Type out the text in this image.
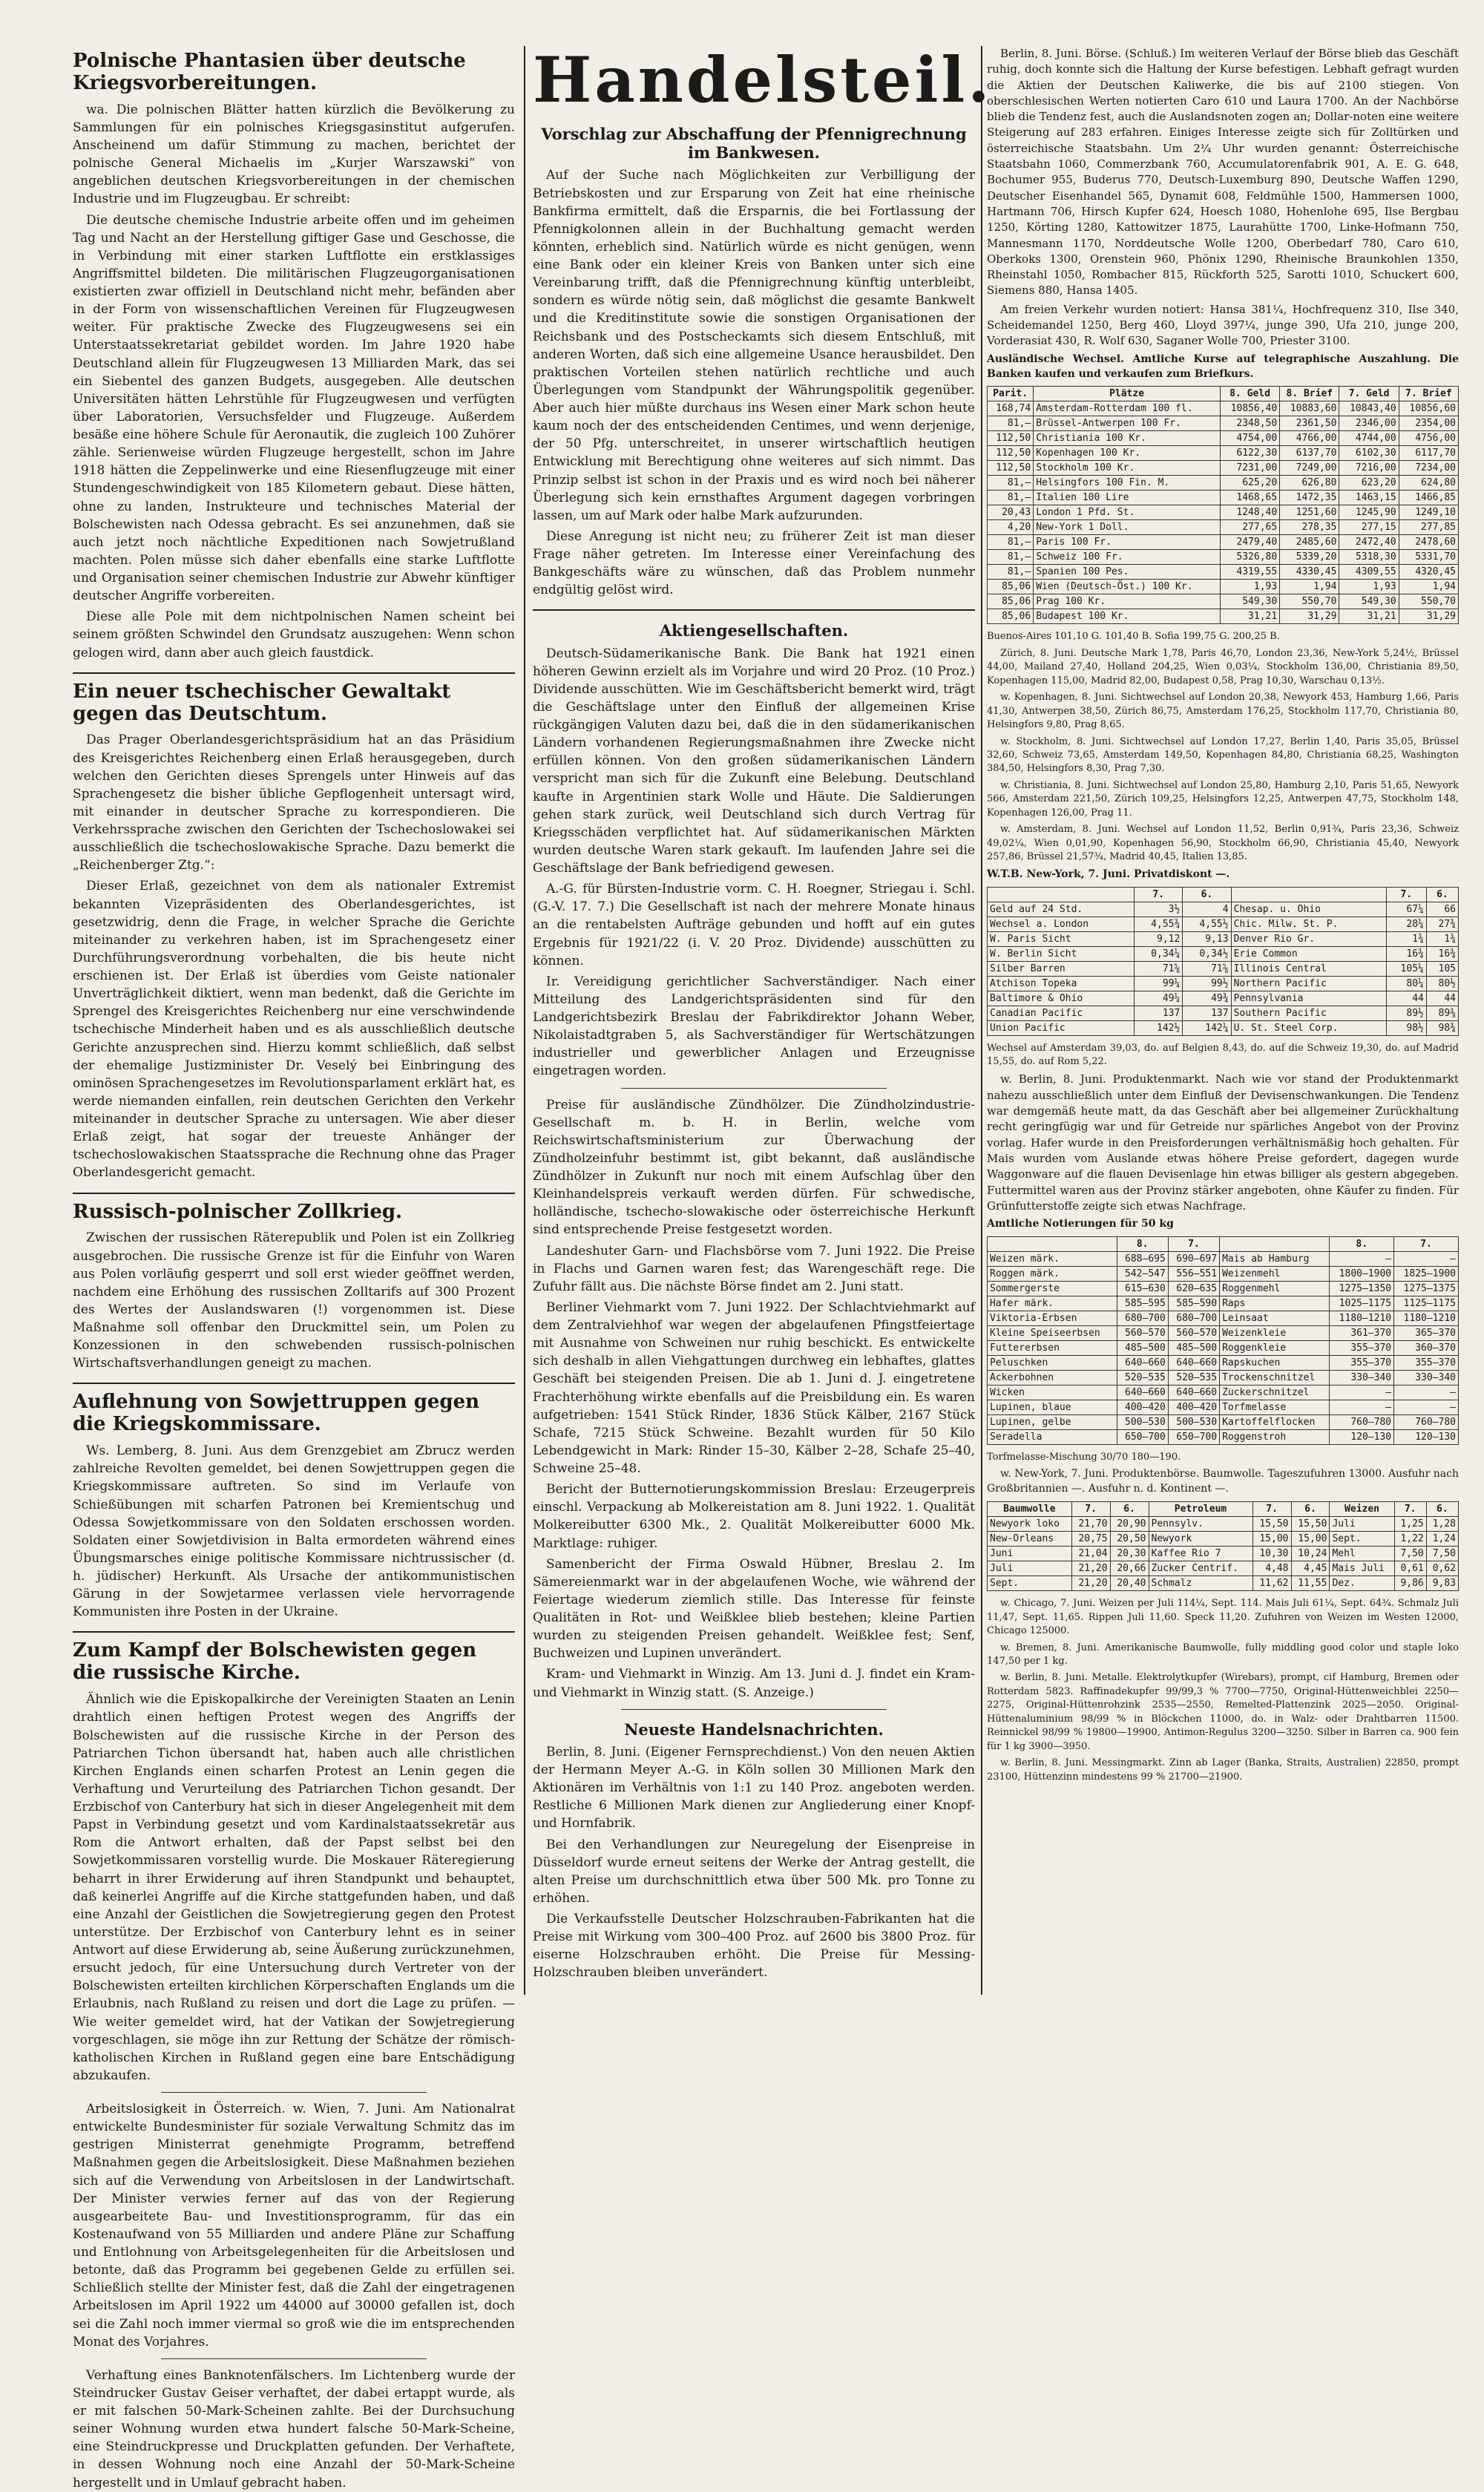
Polnische Phantasien über deutsche Kriegsvorbereitungen.

wa. Die polnischen Blätter hatten kürzlich die Bevölkerung zu Sammlungen für ein polnisches Kriegsgasinstitut aufgerufen. Anscheinend um dafür Stimmung zu machen, berichtet der polnische General Michaelis im „Kurjer Warszawski“ von angeblichen deutschen Kriegsvorbereitungen in der chemischen Industrie und im Flugzeugbau. Er schreibt:

Die deutsche chemische Industrie arbeite offen und im geheimen Tag und Nacht an der Herstellung giftiger Gase und Geschosse, die in Verbindung mit einer starken Luftflotte ein erstklassiges Angriffsmittel bildeten. Die militärischen Flugzeugorganisationen existierten zwar offiziell in Deutschland nicht mehr, befänden aber in der Form von wissenschaftlichen Vereinen für Flugzeugwesen weiter. Für praktische Zwecke des Flugzeugwesens sei ein Unterstaatssekretariat gebildet worden. Im Jahre 1920 habe Deutschland allein für Flugzeugwesen 13 Milliarden Mark, das sei ein Siebentel des ganzen Budgets, ausgegeben. Alle deutschen Universitäten hätten Lehrstühle für Flugzeugwesen und verfügten über Laboratorien, Versuchsfelder und Flugzeuge. Außerdem besäße eine höhere Schule für Aeronautik, die zugleich 100 Zuhörer zähle. Serienweise würden Flugzeuge hergestellt, schon im Jahre 1918 hätten die Zeppelinwerke und eine Riesenflugzeuge mit einer Stundengeschwindigkeit von 185 Kilometern gebaut. Diese hätten, ohne zu landen, Instrukteure und technisches Material der Bolschewisten nach Odessa gebracht. Es sei anzunehmen, daß sie auch jetzt noch nächtliche Expeditionen nach Sowjetrußland machten. Polen müsse sich daher ebenfalls eine starke Luftflotte und Organisation seiner chemischen Industrie zur Abwehr künftiger deutscher Angriffe vorbereiten.

Diese alle Pole mit dem nichtpolnischen Namen scheint bei seinem größten Schwindel den Grundsatz auszugehen: Wenn schon gelogen wird, dann aber auch gleich faustdick.

Ein neuer tschechischer Gewaltakt gegen das Deutschtum.

Das Prager Oberlandesgerichtspräsidium hat an das Präsidium des Kreisgerichtes Reichenberg einen Erlaß herausgegeben, durch welchen den Gerichten dieses Sprengels unter Hinweis auf das Sprachengesetz die bisher übliche Gepflogenheit untersagt wird, mit einander in deutscher Sprache zu korrespondieren. Die Verkehrssprache zwischen den Gerichten der Tschechoslowakei sei ausschließlich die tschechoslowakische Sprache. Dazu bemerkt die „Reichenberger Ztg.“:

Dieser Erlaß, gezeichnet von dem als nationaler Extremist bekannten Vizepräsidenten des Oberlandesgerichtes, ist gesetzwidrig, denn die Frage, in welcher Sprache die Gerichte miteinander zu verkehren haben, ist im Sprachengesetz einer Durchführungsverordnung vorbehalten, die bis heute nicht erschienen ist. Der Erlaß ist überdies vom Geiste nationaler Unverträglichkeit diktiert, wenn man bedenkt, daß die Gerichte im Sprengel des Kreisgerichtes Reichenberg nur eine verschwindende tschechische Minderheit haben und es als ausschließlich deutsche Gerichte anzusprechen sind. Hierzu kommt schließlich, daß selbst der ehemalige Justizminister Dr. Veselý bei Einbringung des ominösen Sprachengesetzes im Revolutionsparlament erklärt hat, es werde niemanden einfallen, rein deutschen Gerichten den Verkehr miteinander in deutscher Sprache zu untersagen. Wie aber dieser Erlaß zeigt, hat sogar der treueste Anhänger der tschechoslowakischen Staatssprache die Rechnung ohne das Prager Oberlandesgericht gemacht.

Russisch-polnischer Zollkrieg.

Zwischen der russischen Räterepublik und Polen ist ein Zollkrieg ausgebrochen. Die russische Grenze ist für die Einfuhr von Waren aus Polen vorläufig gesperrt und soll erst wieder geöffnet werden, nachdem eine Erhöhung des russischen Zolltarifs auf 300 Prozent des Wertes der Auslandswaren (!) vorgenommen ist. Diese Maßnahme soll offenbar den Druckmittel sein, um Polen zu Konzessionen in den schwebenden russisch-polnischen Wirtschaftsverhandlungen geneigt zu machen.

Auflehnung von Sowjettruppen gegen die Kriegskommissare.

Ws. Lemberg, 8. Juni. Aus dem Grenzgebiet am Zbrucz werden zahlreiche Revolten gemeldet, bei denen Sowjettruppen gegen die Kriegskommissare auftreten. So sind im Verlaufe von Schießübungen mit scharfen Patronen bei Kremientschug und Odessa Sowjetkommissare von den Soldaten erschossen worden. Soldaten einer Sowjetdivision in Balta ermordeten während eines Übungsmarsches einige politische Kommissare nichtrussischer (d. h. jüdischer) Herkunft. Als Ursache der antikommunistischen Gärung in der Sowjetarmee verlassen viele hervorragende Kommunisten ihre Posten in der Ukraine.

Zum Kampf der Bolschewisten gegen die russische Kirche.

Ähnlich wie die Episkopalkirche der Vereinigten Staaten an Lenin drahtlich einen heftigen Protest wegen des Angriffs der Bolschewisten auf die russische Kirche in der Person des Patriarchen Tichon übersandt hat, haben auch alle christlichen Kirchen Englands einen scharfen Protest an Lenin gegen die Verhaftung und Verurteilung des Patriarchen Tichon gesandt. Der Erzbischof von Canterbury hat sich in dieser Angelegenheit mit dem Papst in Verbindung gesetzt und vom Kardinalstaatssekretär aus Rom die Antwort erhalten, daß der Papst selbst bei den Sowjetkommissaren vorstellig wurde. Die Moskauer Räteregierung beharrt in ihrer Erwiderung auf ihren Standpunkt und behauptet, daß keinerlei Angriffe auf die Kirche stattgefunden haben, und daß eine Anzahl der Geistlichen die Sowjetregierung gegen den Protest unterstütze. Der Erzbischof von Canterbury lehnt es in seiner Antwort auf diese Erwiderung ab, seine Äußerung zurückzunehmen, ersucht jedoch, für eine Untersuchung durch Vertreter von der Bolschewisten erteilten kirchlichen Körperschaften Englands um die Erlaubnis, nach Rußland zu reisen und dort die Lage zu prüfen. — Wie weiter gemeldet wird, hat der Vatikan der Sowjetregierung vorgeschlagen, sie möge ihn zur Rettung der Schätze der römisch-katholischen Kirchen in Rußland gegen eine bare Entschädigung abzukaufen.

Arbeitslosigkeit in Österreich. w. Wien, 7. Juni. Am Nationalrat entwickelte Bundesminister für soziale Verwaltung Schmitz das im gestrigen Ministerrat genehmigte Programm, betreffend Maßnahmen gegen die Arbeitslosigkeit. Diese Maßnahmen beziehen sich auf die Verwendung von Arbeitslosen in der Landwirtschaft. Der Minister verwies ferner auf das von der Regierung ausgearbeitete Bau- und Investitionsprogramm, für das ein Kostenaufwand von 55 Milliarden und andere Pläne zur Schaffung und Entlohnung von Arbeitsgelegenheiten für die Arbeitslosen und betonte, daß das Programm bei gegebenen Gelde zu erfüllen sei. Schließlich stellte der Minister fest, daß die Zahl der eingetragenen Arbeitslosen im April 1922 um 44000 auf 30000 gefallen ist, doch sei die Zahl noch immer viermal so groß wie die im entsprechenden Monat des Vorjahres.

Verhaftung eines Banknotenfälschers. Im Lichtenberg wurde der Steindrucker Gustav Geiser verhaftet, der dabei ertappt wurde, als er mit falschen 50-Mark-Scheinen zahlte. Bei der Durchsuchung seiner Wohnung wurden etwa hundert falsche 50-Mark-Scheine, eine Steindruckpresse und Druckplatten gefunden. Der Verhaftete, in dessen Wohnung noch eine Anzahl der 50-Mark-Scheine hergestellt und in Umlauf gebracht haben.

Handelsteil.
Vorschlag zur Abschaffung der Pfennigrechnung im Bankwesen.

Auf der Suche nach Möglichkeiten zur Verbilligung der Betriebskosten und zur Ersparung von Zeit hat eine rheinische Bankfirma ermittelt, daß die Ersparnis, die bei Fortlassung der Pfennigkolonnen allein in der Buchhaltung gemacht werden könnten, erheblich sind. Natürlich würde es nicht genügen, wenn eine Bank oder ein kleiner Kreis von Banken unter sich eine Vereinbarung trifft, daß die Pfennigrechnung künftig unterbleibt, sondern es würde nötig sein, daß möglichst die gesamte Bankwelt und die Kreditinstitute sowie die sonstigen Organisationen der Reichsbank und des Postscheckamts sich diesem Entschluß, mit anderen Worten, daß sich eine allgemeine Usance herausbildet. Den praktischen Vorteilen stehen natürlich rechtliche und auch Überlegungen vom Standpunkt der Währungspolitik gegenüber. Aber auch hier müßte durchaus ins Wesen einer Mark schon heute kaum noch der des entscheidenden Centimes, und wenn derjenige, der 50 Pfg. unterschreitet, in unserer wirtschaftlich heutigen Entwicklung mit Berechtigung ohne weiteres auf sich nimmt. Das Prinzip selbst ist schon in der Praxis und es wird noch bei näherer Überlegung sich kein ernsthaftes Argument dagegen vorbringen lassen, um auf Mark oder halbe Mark aufzurunden.

Diese Anregung ist nicht neu; zu früherer Zeit ist man dieser Frage näher getreten. Im Interesse einer Vereinfachung des Bankgeschäfts wäre zu wünschen, daß das Problem nunmehr endgültig gelöst wird.

Aktiengesellschaften.

Deutsch-Südamerikanische Bank. Die Bank hat 1921 einen höheren Gewinn erzielt als im Vorjahre und wird 20 Proz. (10 Proz.) Dividende ausschütten. Wie im Geschäftsbericht bemerkt wird, trägt die Geschäftslage unter den Einfluß der allgemeinen Krise rückgängigen Valuten dazu bei, daß die in den südamerikanischen Ländern vorhandenen Regierungsmaßnahmen ihre Zwecke nicht erfüllen können. Von den großen südamerikanischen Ländern verspricht man sich für die Zukunft eine Belebung. Deutschland kaufte in Argentinien stark Wolle und Häute. Die Saldierungen gehen stark zurück, weil Deutschland sich durch Vertrag für Kriegsschäden verpflichtet hat. Auf südamerikanischen Märkten wurden deutsche Waren stark gekauft. Im laufenden Jahre sei die Geschäftslage der Bank befriedigend gewesen.

A.-G. für Bürsten-Industrie vorm. C. H. Roegner, Striegau i. Schl. (G.-V. 17. 7.) Die Gesellschaft ist nach der mehrere Monate hinaus an die rentabelsten Aufträge gebunden und hofft auf ein gutes Ergebnis für 1921/22 (i. V. 20 Proz. Dividende) ausschütten zu können.

Ir. Vereidigung gerichtlicher Sachverständiger. Nach einer Mitteilung des Landgerichtspräsidenten sind für den Landgerichtsbezirk Breslau der Fabrikdirektor Johann Weber, Nikolaistadtgraben 5, als Sachverständiger für Wertschätzungen industrieller und gewerblicher Anlagen und Erzeugnisse eingetragen worden.

Preise für ausländische Zündhölzer. Die Zündholzindustrie-Gesellschaft m. b. H. in Berlin, welche vom Reichswirtschaftsministerium zur Überwachung der Zündholzeinfuhr bestimmt ist, gibt bekannt, daß ausländische Zündhölzer in Zukunft nur noch mit einem Aufschlag über den Kleinhandelspreis verkauft werden dürfen. Für schwedische, holländische, tschecho-slowakische oder österreichische Herkunft sind entsprechende Preise festgesetzt worden.

Landeshuter Garn- und Flachsbörse vom 7. Juni 1922. Die Preise in Flachs und Garnen waren fest; das Warengeschäft rege. Die Zufuhr fällt aus. Die nächste Börse findet am 2. Juni statt.

Berliner Viehmarkt vom 7. Juni 1922. Der Schlachtviehmarkt auf dem Zentralviehhof war wegen der abgelaufenen Pfingstfeiertage mit Ausnahme von Schweinen nur ruhig beschickt. Es entwickelte sich deshalb in allen Viehgattungen durchweg ein lebhaftes, glattes Geschäft bei steigenden Preisen. Die ab 1. Juni d. J. eingetretene Frachterhöhung wirkte ebenfalls auf die Preisbildung ein. Es waren aufgetrieben: 1541 Stück Rinder, 1836 Stück Kälber, 2167 Stück Schafe, 7215 Stück Schweine. Bezahlt wurden für 50 Kilo Lebendgewicht in Mark: Rinder 15–30, Kälber 2–28, Schafe 25–40, Schweine 25–48.

Bericht der Butternotierungskommission Breslau: Erzeugerpreis einschl. Verpackung ab Molkereistation am 8. Juni 1922. 1. Qualität Molkereibutter 6300 Mk., 2. Qualität Molkereibutter 6000 Mk. Marktlage: ruhiger.

Samenbericht der Firma Oswald Hübner, Breslau 2. Im Sämereienmarkt war in der abgelaufenen Woche, wie während der Feiertage wiederum ziemlich stille. Das Interesse für feinste Qualitäten in Rot- und Weißklee blieb bestehen; kleine Partien wurden zu steigenden Preisen gehandelt. Weißklee fest; Senf, Buchweizen und Lupinen unverändert.

Kram- und Viehmarkt in Winzig. Am 13. Juni d. J. findet ein Kram- und Viehmarkt in Winzig statt. (S. Anzeige.)

Neueste Handelsnachrichten.

Berlin, 8. Juni. (Eigener Fernsprechdienst.) Von den neuen Aktien der Hermann Meyer A.-G. in Köln sollen 30 Millionen Mark den Aktionären im Verhältnis von 1:1 zu 140 Proz. angeboten werden. Restliche 6 Millionen Mark dienen zur Angliederung einer Knopf- und Hornfabrik.

Bei den Verhandlungen zur Neuregelung der Eisenpreise in Düsseldorf wurde erneut seitens der Werke der Antrag gestellt, die alten Preise um durchschnittlich etwa über 500 Mk. pro Tonne zu erhöhen.

Die Verkaufsstelle Deutscher Holzschrauben-Fabrikanten hat die Preise mit Wirkung vom 300–400 Proz. auf 2600 bis 3800 Proz. für eiserne Holzschrauben erhöht. Die Preise für Messing-Holzschrauben bleiben unverändert.

Berlin, 8. Juni. Börse. (Schluß.) Im weiteren Verlauf der Börse blieb das Geschäft ruhig, doch konnte sich die Haltung der Kurse befestigen. Lebhaft gefragt wurden die Aktien der Deutschen Kaliwerke, die bis auf 2100 stiegen. Von oberschlesischen Werten notierten Caro 610 und Laura 1700. An der Nachbörse blieb die Tendenz fest, auch die Auslandsnoten zogen an; Dollar-noten eine weitere Steigerung auf 283 erfahren. Einiges Interesse zeigte sich für Zolltürken und österreichische Staatsbahn. Um 2¼ Uhr wurden genannt: Österreichische Staatsbahn 1060, Commerzbank 760, Accumulatorenfabrik 901, A. E. G. 648, Bochumer 955, Buderus 770, Deutsch-Luxemburg 890, Deutsche Waffen 1290, Deutscher Eisenhandel 565, Dynamit 608, Feldmühle 1500, Hammersen 1000, Hartmann 706, Hirsch Kupfer 624, Hoesch 1080, Hohenlohe 695, Ilse Bergbau 1250, Körting 1280, Kattowitzer 1875, Laurahütte 1700, Linke-Hofmann 750, Mannesmann 1170, Norddeutsche Wolle 1200, Oberbedarf 780, Caro 610, Oberkoks 1300, Orenstein 960, Phönix 1290, Rheinische Braunkohlen 1350, Rheinstahl 1050, Rombacher 815, Rückforth 525, Sarotti 1010, Schuckert 600, Siemens 880, Hansa 1405.

Am freien Verkehr wurden notiert: Hansa 381¼, Hochfrequenz 310, Ilse 340, Scheidemandel 1250, Berg 460, Lloyd 397¼, junge 390, Ufa 210, junge 200, Vorderasiat 430, R. Wolf 630, Saganer Wolle 700, Priester 3100.

Ausländische Wechsel. Amtliche Kurse auf telegraphische Auszahlung. Die Banken kaufen und verkaufen zum Briefkurs.

Parit.	Plätze	8. Geld	8. Brief	7. Geld	7. Brief
168,74	Amsterdam-Rotterdam 100 fl.	10856,40	10883,60	10843,40	10856,60
81,—	Brüssel-Antwerpen 100 Fr.	2348,50	2361,50	2346,00	2354,00
112,50	Christiania 100 Kr.	4754,00	4766,00	4744,00	4756,00
112,50	Kopenhagen 100 Kr.	6122,30	6137,70	6102,30	6117,70
112,50	Stockholm 100 Kr.	7231,00	7249,00	7216,00	7234,00
81,—	Helsingfors 100 Fin. M.	625,20	626,80	623,20	624,80
81,—	Italien 100 Lire	1468,65	1472,35	1463,15	1466,85
20,43	London 1 Pfd. St.	1248,40	1251,60	1245,90	1249,10
4,20	New-York 1 Doll.	277,65	278,35	277,15	277,85
81,—	Paris 100 Fr.	2479,40	2485,60	2472,40	2478,60
81,—	Schweiz 100 Fr.	5326,80	5339,20	5318,30	5331,70
81,—	Spanien 100 Pes.	4319,55	4330,45	4309,55	4320,45
85,06	Wien (Deutsch-Öst.) 100 Kr.	1,93	1,94	1,93	1,94
85,06	Prag 100 Kr.	549,30	550,70	549,30	550,70
85,06	Budapest 100 Kr.	31,21	31,29	31,21	31,29

Buenos-Aires 101,10 G. 101,40 B. Sofia 199,75 G. 200,25 B.

Zürich, 8. Juni. Deutsche Mark 1,78, Paris 46,70, London 23,36, New-York 5,24½, Brüssel 44,00, Mailand 27,40, Holland 204,25, Wien 0,03¼, Stockholm 136,00, Christiania 89,50, Kopenhagen 115,00, Madrid 82,00, Budapest 0,58, Prag 10,30, Warschau 0,13½.

w. Kopenhagen, 8. Juni. Sichtwechsel auf London 20,38, Newyork 453, Hamburg 1,66, Paris 41,30, Antwerpen 38,50, Zürich 86,75, Amsterdam 176,25, Stockholm 117,70, Christiania 80, Helsingfors 9,80, Prag 8,65.

w. Stockholm, 8. Juni. Sichtwechsel auf London 17,27, Berlin 1,40, Paris 35,05, Brüssel 32,60, Schweiz 73,65, Amsterdam 149,50, Kopenhagen 84,80, Christiania 68,25, Washington 384,50, Helsingfors 8,30, Prag 7,30.

w. Christiania, 8. Juni. Sichtwechsel auf London 25,80, Hamburg 2,10, Paris 51,65, Newyork 566, Amsterdam 221,50, Zürich 109,25, Helsingfors 12,25, Antwerpen 47,75, Stockholm 148, Kopenhagen 126,00, Prag 11.

w. Amsterdam, 8. Juni. Wechsel auf London 11,52, Berlin 0,91¾, Paris 23,36, Schweiz 49,02¼, Wien 0,01,90, Kopenhagen 56,90, Stockholm 66,90, Christiania 45,40, Newyork 257,86, Brüssel 21,57¾, Madrid 40,45, Italien 13,85.

W.T.B. New-York, 7. Juni. Privatdiskont —.

	7.	6.		7.	6.
Geld auf 24 Std.	3½	4	Chesap. u. Ohio	67¼	66
Wechsel a. London	4,55¾	4,55½	Chic. Milw. St. P.	28¼	27¾
W. Paris Sicht	9,12	9,13	Denver Rio Gr.	1¾	1¾
W. Berlin Sicht	0,34¼	0,34½	Erie Common	16¾	16¾
Silber Barren	71⅝	71⅝	Illinois Central	105¼	105
Atchison Topeka	99¼	99½	Northern Pacific	80¼	80½
Baltimore & Ohio	49¼	49¾	Pennsylvania	44	44
Canadian Pacific	137	137	Southern Pacific	89½	89⅜
Union Pacific	142½	142¼	U. St. Steel Corp.	98½	98¾

Wechsel auf Amsterdam 39,03, do. auf Belgien 8,43, do. auf die Schweiz 19,30, do. auf Madrid 15,55, do. auf Rom 5,22.

w. Berlin, 8. Juni. Produktenmarkt. Nach wie vor stand der Produktenmarkt nahezu ausschließlich unter dem Einfluß der Devisenschwankungen. Die Tendenz war demgemäß heute matt, da das Geschäft aber bei allgemeiner Zurückhaltung recht geringfügig war und für Getreide nur spärliches Angebot von der Provinz vorlag. Hafer wurde in den Preisforderungen verhältnismäßig hoch gehalten. Für Mais wurden vom Auslande etwas höhere Preise gefordert, dagegen wurde Waggonware auf die flauen Devisenlage hin etwas billiger als gestern abgegeben. Futtermittel waren aus der Provinz stärker angeboten, ohne Käufer zu finden. Für Grünfutterstoffe zeigte sich etwas Nachfrage.

Amtliche Notierungen für 50 kg

	8.	7.		8.	7.
Weizen märk.	688—695	690—697	Mais ab Hamburg	—	—
Roggen märk.	542—547	556—551	Weizenmehl	1800—1900	1825—1900
Sommergerste	615—630	620—635	Roggenmehl	1275—1350	1275—1375
Hafer märk.	585—595	585—590	Raps	1025—1175	1125—1175
Viktoria-Erbsen	680—700	680—700	Leinsaat	1180—1210	1180—1210
Kleine Speiseerbsen	560—570	560—570	Weizenkleie	361—370	365—370
Futtererbsen	485—500	485—500	Roggenkleie	355—370	360—370
Peluschken	640—660	640—660	Rapskuchen	355—370	355—370
Ackerbohnen	520—535	520—535	Trockenschnitzel	330—340	330—340
Wicken	640—660	640—660	Zuckerschnitzel	—	—
Lupinen, blaue	400—420	400—420	Torfmelasse	—	—
Lupinen, gelbe	500—530	500—530	Kartoffelflocken	760—780	760—780
Seradella	650—700	650—700	Roggenstroh	120—130	120—130

Torfmelasse-Mischung 30/70 180—190.

w. New-York, 7. Juni. Produktenbörse. Baumwolle. Tageszufuhren 13000. Ausfuhr nach Großbritannien —. Ausfuhr n. d. Kontinent —.

Baumwolle	7.	6.	Petroleum	7.	6.	Weizen	7.	6.
Newyork loko	21,70	20,90	Pennsylv.	15,50	15,50	Juli	1,25	1,28
New-Orleans	20,75	20,50	Newyork	15,00	15,00	Sept.	1,22	1,24
Juni	21,04	20,30	Kaffee Rio 7	10,30	10,24	Mehl	7,50	7,50
Juli	21,20	20,66	Zucker Centrif.	4,48	4,45	Mais Juli	0,61	0,62
Sept.	21,20	20,40	Schmalz	11,62	11,55	Dez.	9,86	9,83

w. Chicago, 7. Juni. Weizen per Juli 114¼, Sept. 114. Mais Juli 61¼, Sept. 64¾. Schmalz Juli 11,47, Sept. 11,65. Rippen Juli 11,60. Speck 11,20. Zufuhren von Weizen im Westen 12000, Chicago 125000.

w. Bremen, 8. Juni. Amerikanische Baumwolle, fully middling good color und staple loko 147,50 per 1 kg.

w. Berlin, 8. Juni. Metalle. Elektrolytkupfer (Wirebars), prompt, cif Hamburg, Bremen oder Rotterdam 5823. Raffinadekupfer 99/99,3 % 7700—7750, Original-Hüttenweichblei 2250—2275, Original-Hüttenrohzink 2535—2550, Remelted-Plattenzink 2025—2050. Original-Hüttenaluminium 98/99 % in Blöckchen 11000, do. in Walz- oder Drahtbarren 11500. Reinnickel 98/99 % 19800—19900, Antimon-Regulus 3200—3250. Silber in Barren ca. 900 fein für 1 kg 3900—3950.

w. Berlin, 8. Juni. Messingmarkt. Zinn ab Lager (Banka, Straits, Australien) 22850, prompt 23100, Hüttenzinn mindestens 99 % 21700—21900.
